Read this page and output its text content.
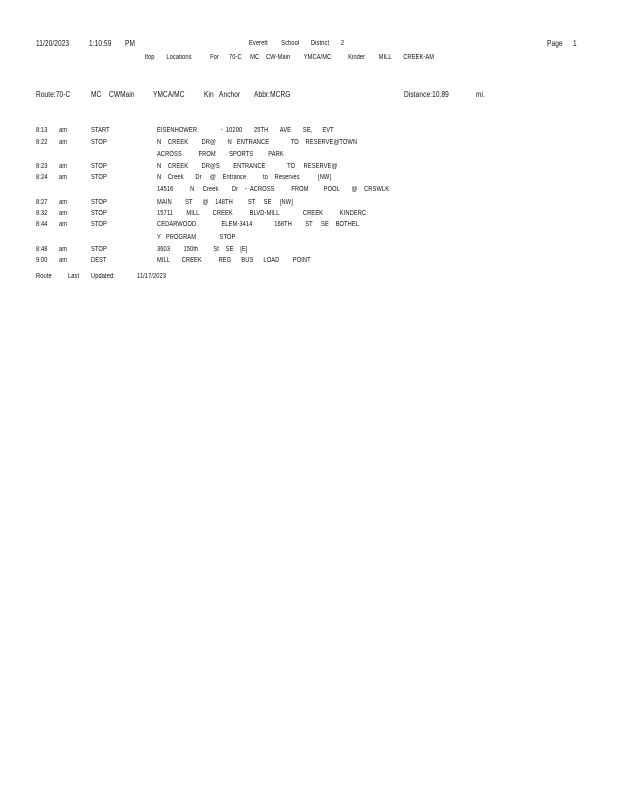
11/20/2023 1:10:59 PM	Everett        School       District       2	Page 1
ltop       Locations           For      70-C     MC    CW-Main        YMCA/MC          Kinder        MILL       CREEK-AM
Route:70-C	MC CWMain YMCA/MC Kin Anchor Abbr:MCRG	Distance:10.89	mi.
8:13 am	START	EISENHOWER              -  10200       25TH       AVE       SE,      EVT
8:22 am	STOP	N    CREEK        DR@       N   ENTRANCE             TO    RESERVE@TOWN
ACROSS          FROM        SPORTS         PARK
8:23 am	STOP	N    CREEK        DR@S        ENTRANCE             TO     RESERVE@
8:24 am	STOP	N    Creek       Dr     @    Entrance          to    Reserves           [NW]
14516          N     Creek        Dr    -  ACROSS          FROM         POOL       @    CRSWLK
8:27 am	STOP	MAIN        ST      @    148TH         ST     SE     [NW]
8:32 am	STOP	15711        MILL        CREEK          BLVD-MILL              CREEK          KINDERC.
8:44 am	STOP	CEDARWOOD               ELEM-3414             168TH        ST     SE    BOTHEL
Y   PROGRAM              STOP
8:48 am	STOP	3603        150th         St    SE    [E]
9:00 am	DEST	MILL       CREEK          REG      BUS      LOAD        POINT
Route Last Updated:	11/17/2023
